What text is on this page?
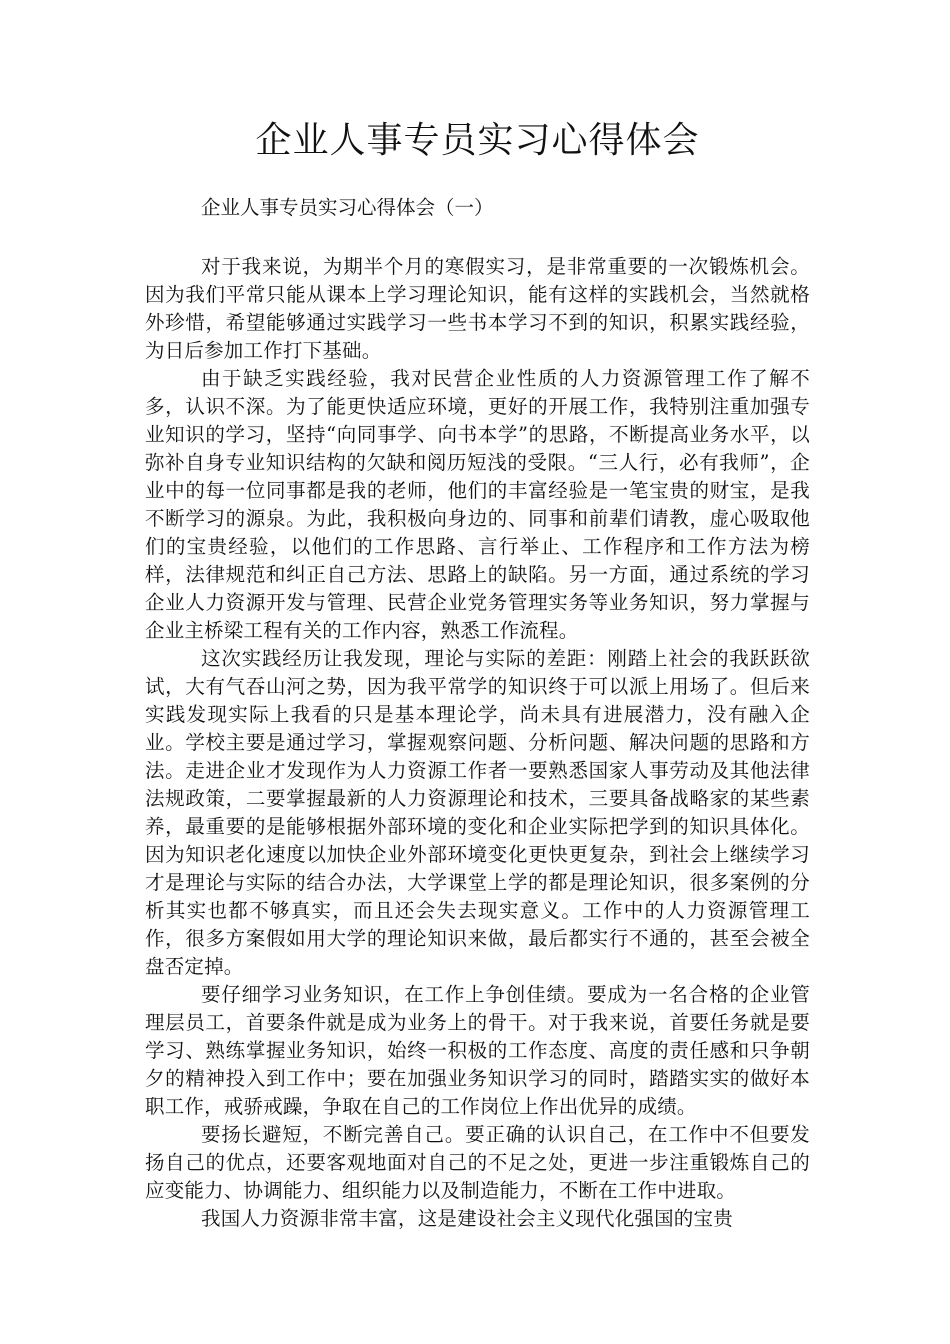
企业人事专员实习心得体会

企业人事专员实习心得体会（一）

对于我来说，为期半个月的寒假实习，是非常重要的一次锻炼机会。因为我们平常只能从课本上学习理论知识，能有这样的实践机会，当然就格外珍惜，希望能够通过实践学习一些书本学习不到的知识，积累实践经验，为日后参加工作打下基础。

由于缺乏实践经验，我对民营企业性质的人力资源管理工作了解不多，认识不深。为了能更快适应环境，更好的开展工作，我特别注重加强专业知识的学习，坚持“向同事学、向书本学”的思路，不断提高业务水平，以弥补自身专业知识结构的欠缺和阅历短浅的受限。“三人行，必有我师”，企业中的每一位同事都是我的老师，他们的丰富经验是一笔宝贵的财宝，是我不断学习的源泉。为此，我积极向身边的、同事和前辈们请教，虚心吸取他们的宝贵经验，以他们的工作思路、言行举止、工作程序和工作方法为榜样，法律规范和纠正自己方法、思路上的缺陷。另一方面，通过系统的学习企业人力资源开发与管理、民营企业党务管理实务等业务知识，努力掌握与企业主桥梁工程有关的工作内容，熟悉工作流程。

这次实践经历让我发现，理论与实际的差距：刚踏上社会的我跃跃欲试，大有气吞山河之势，因为我平常学的知识终于可以派上用场了。但后来实践发现实际上我看的只是基本理论学，尚未具有进展潜力，没有融入企业。学校主要是通过学习，掌握观察问题、分析问题、解决问题的思路和方法。走进企业才发现作为人力资源工作者一要熟悉国家人事劳动及其他法律法规政策，二要掌握最新的人力资源理论和技术，三要具备战略家的某些素养，最重要的是能够根据外部环境的变化和企业实际把学到的知识具体化。因为知识老化速度以加快企业外部环境变化更快更复杂，到社会上继续学习才是理论与实际的结合办法，大学课堂上学的都是理论知识，很多案例的分析其实也都不够真实，而且还会失去现实意义。工作中的人力资源管理工作，很多方案假如用大学的理论知识来做，最后都实行不通的，甚至会被全盘否定掉。

要仔细学习业务知识，在工作上争创佳绩。要成为一名合格的企业管理层员工，首要条件就是成为业务上的骨干。对于我来说，首要任务就是要学习、熟练掌握业务知识，始终一积极的工作态度、高度的责任感和只争朝夕的精神投入到工作中；要在加强业务知识学习的同时，踏踏实实的做好本职工作，戒骄戒躁，争取在自己的工作岗位上作出优异的成绩。

要扬长避短，不断完善自己。要正确的认识自己，在工作中不但要发扬自己的优点，还要客观地面对自己的不足之处，更进一步注重锻炼自己的应变能力、协调能力、组织能力以及制造能力，不断在工作中进取。

我国人力资源非常丰富，这是建设社会主义现代化强国的宝贵
